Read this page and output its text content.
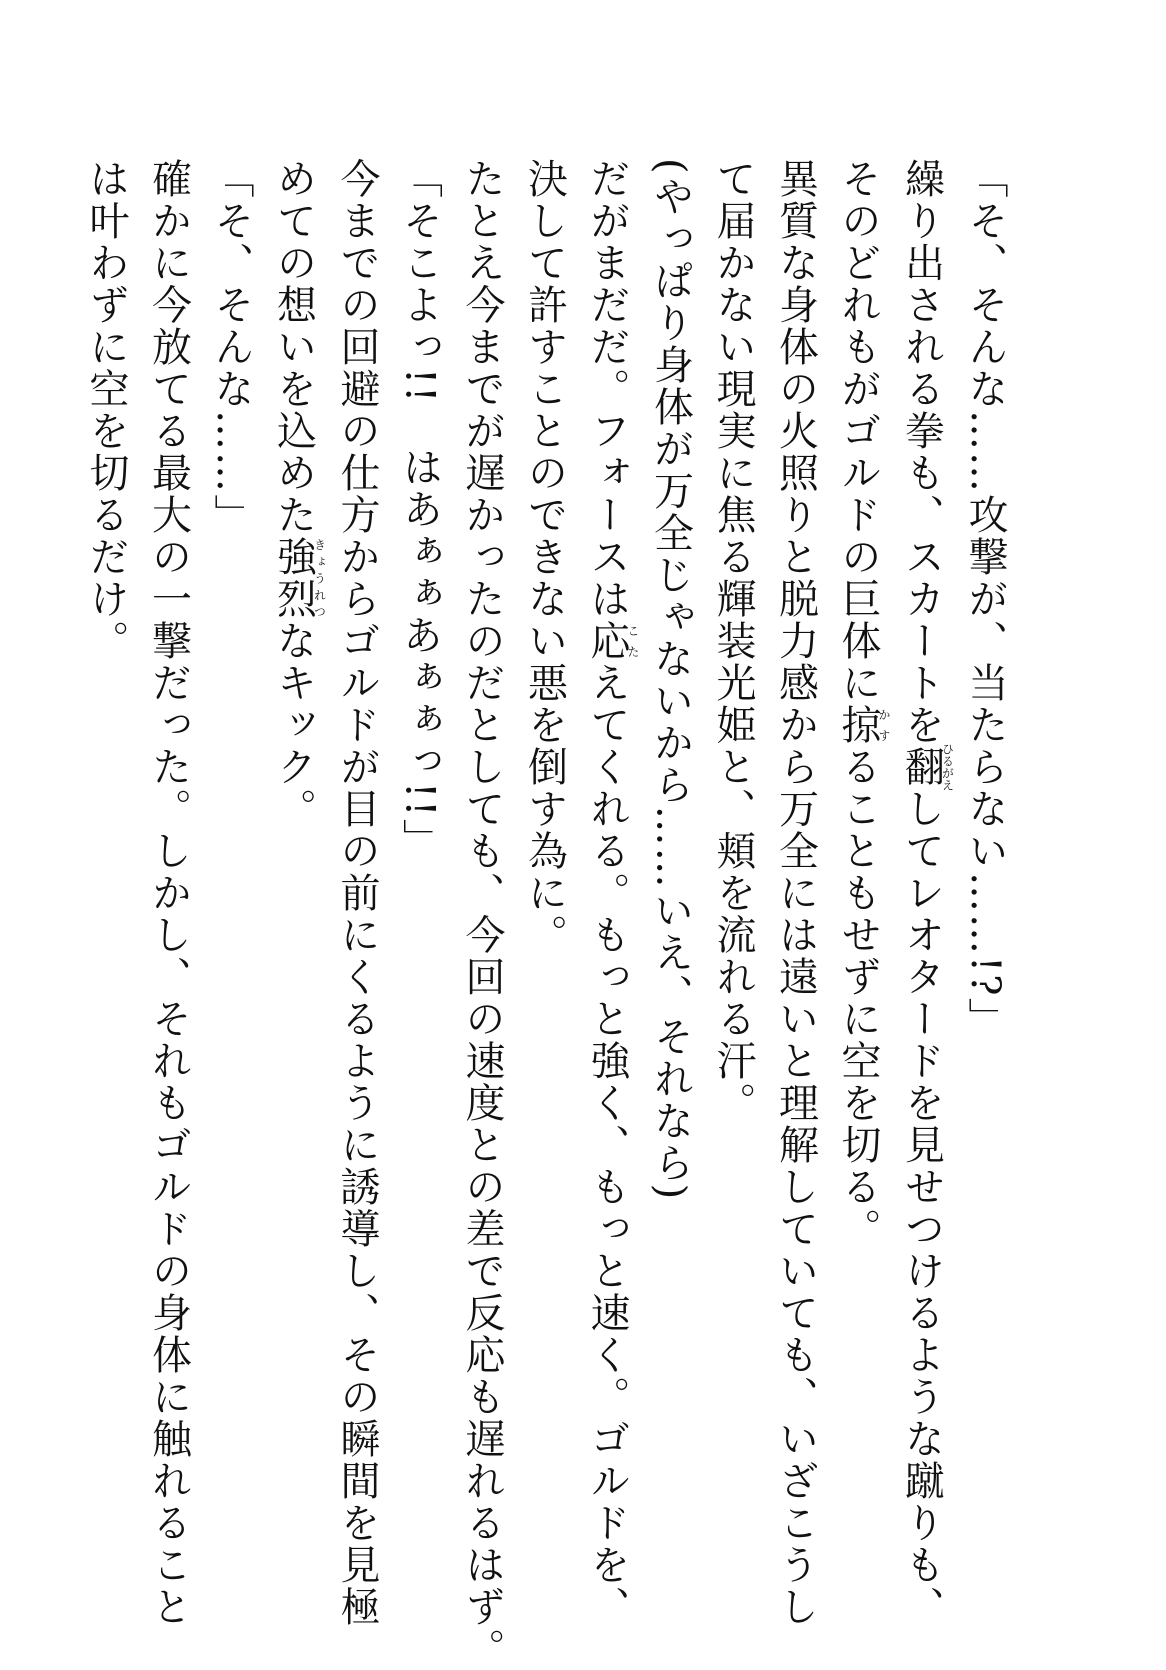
「そ、そんな……攻撃が、当たらない……!?」
繰り出される拳も、スカートを翻ひるがえしてレオタードを見せつけるような蹴りも、
そのどれもがゴルドの巨体に掠かすることもせずに空を切る。
異質な身体の火照りと脱力感から万全には遠いと理解していても、いざこうし
て届かない現実に焦る輝装光姫と、頬を流れる汗。
(やっぱり身体が万全じゃないから……いえ、それなら)
だがまだだ。フォースは応こたえてくれる。もっと強く、もっと速く。ゴルドを、
決して許すことのできない悪を倒す為に。
たとえ今までが遅かったのだとしても、今回の速度との差で反応も遅れるはず。
「そこよっ!!　はあぁぁあぁぁっ!!」
今までの回避の仕方からゴルドが目の前にくるように誘導し、その瞬間を見極
めての想いを込めた強烈きょうれつなキック。
「そ、そんな……」
確かに今放てる最大の一撃だった。しかし、それもゴルドの身体に触れること
は叶わずに空を切るだけ。
